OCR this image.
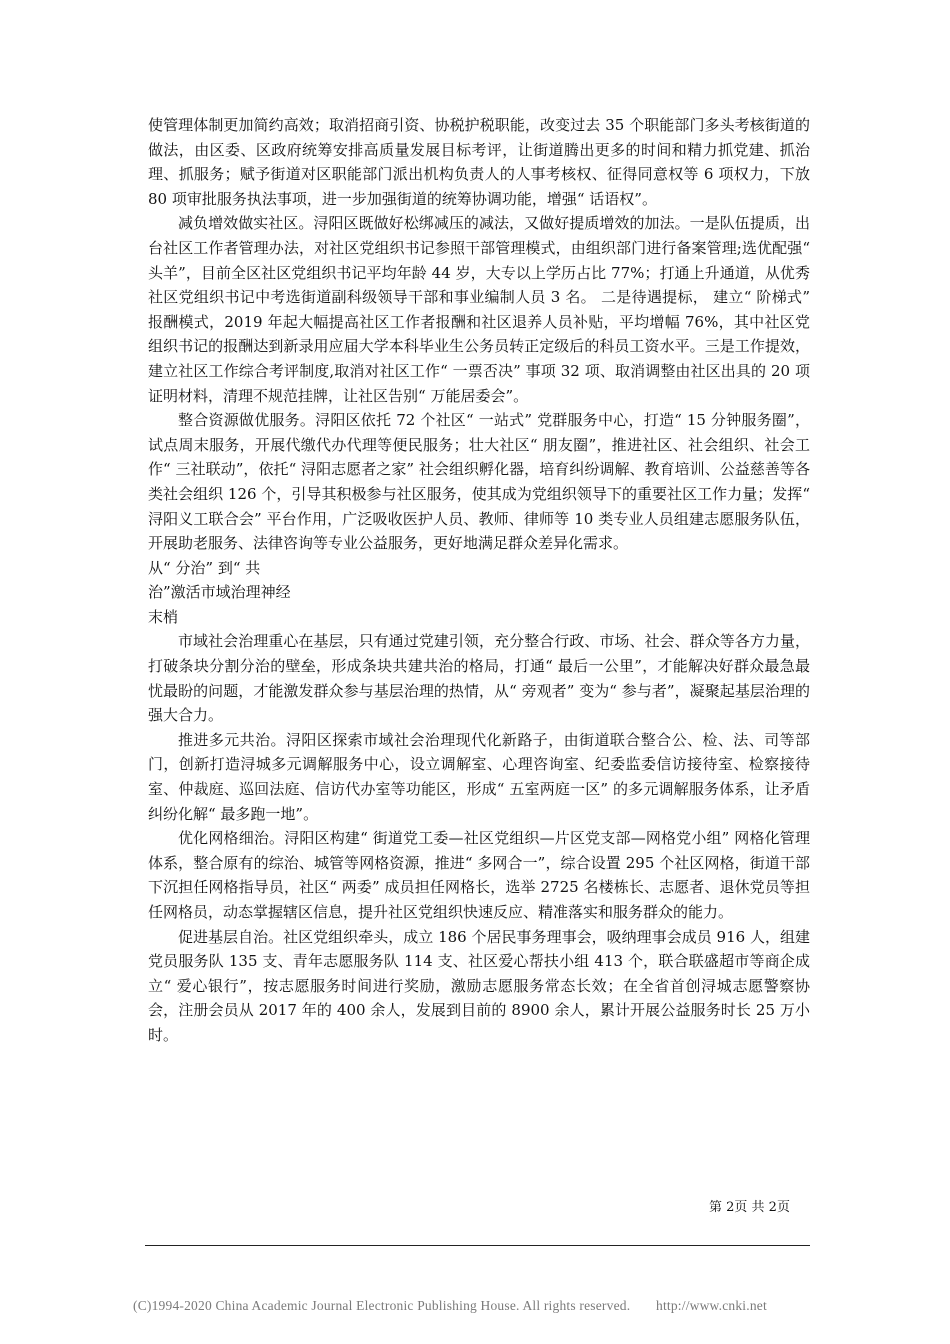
使管理体制更加简约高效；取消招商引资、协税护税职能，改变过去 35 个职能部门多头考核街道的做法，由区委、区政府统筹安排高质量发展目标考评，让街道腾出更多的时间和精力抓党建、抓治理、抓服务；赋予街道对区职能部门派出机构负责人的人事考核权、征得同意权等 6 项权力，下放 80 项审批服务执法事项，进一步加强街道的统筹协调功能，增强“ 话语权”。

减负增效做实社区。浔阳区既做好松绑减压的减法，又做好提质增效的加法。一是队伍提质，出台社区工作者管理办法，对社区党组织书记参照干部管理模式，由组织部门进行备案管理;选优配强“ 头羊”，目前全区社区党组织书记平均年龄 44 岁，大专以上学历占比 77%；打通上升通道，从优秀社区党组织书记中考选街道副科级领导干部和事业编制人员 3 名。 二是待遇提标， 建立“ 阶梯式” 报酬模式，2019 年起大幅提高社区工作者报酬和社区退养人员补贴，平均增幅 76%，其中社区党组织书记的报酬达到新录用应届大学本科毕业生公务员转正定级后的科员工资水平。三是工作提效，建立社区工作综合考评制度,取消对社区工作“ 一票否决” 事项 32 项、取消调整由社区出具的 20 项证明材料，清理不规范挂牌，让社区告别“ 万能居委会”。

整合资源做优服务。浔阳区依托 72 个社区“ 一站式” 党群服务中心，打造“ 15 分钟服务圈”，试点周末服务，开展代缴代办代理等便民服务；壮大社区“ 朋友圈”，推进社区、社会组织、社会工作“ 三社联动”，依托“ 浔阳志愿者之家” 社会组织孵化器，培育纠纷调解、教育培训、公益慈善等各类社会组织 126 个，引导其积极参与社区服务，使其成为党组织领导下的重要社区工作力量；发挥“ 浔阳义工联合会” 平台作用，广泛吸收医护人员、教师、律师等 10 类专业人员组建志愿服务队伍，开展助老服务、法律咨询等专业公益服务，更好地满足群众差异化需求。

从“ 分治” 到“ 共

治”激活市域治理神经

末梢

市域社会治理重心在基层，只有通过党建引领，充分整合行政、市场、社会、群众等各方力量，打破条块分割分治的壁垒，形成条块共建共治的格局，打通“ 最后一公里”，才能解决好群众最急最忧最盼的问题，才能激发群众参与基层治理的热情，从“ 旁观者” 变为“ 参与者”，凝聚起基层治理的强大合力。

推进多元共治。浔阳区探索市域社会治理现代化新路子，由街道联合整合公、检、法、司等部门，创新打造浔城多元调解服务中心，设立调解室、心理咨询室、纪委监委信访接待室、检察接待室、仲裁庭、巡回法庭、信访代办室等功能区，形成“ 五室两庭一区” 的多元调解服务体系，让矛盾纠纷化解“ 最多跑一地”。

优化网格细治。浔阳区构建“ 街道党工委—社区党组织—片区党支部—网格党小组” 网格化管理体系，整合原有的综治、城管等网格资源，推进“ 多网合一”，综合设置 295 个社区网格，街道干部下沉担任网格指导员，社区“ 两委” 成员担任网格长，选举 2725 名楼栋长、志愿者、退休党员等担任网格员，动态掌握辖区信息，提升社区党组织快速反应、精准落实和服务群众的能力。

促进基层自治。社区党组织牵头，成立 186 个居民事务理事会，吸纳理事会成员 916 人，组建党员服务队 135 支、青年志愿服务队 114 支、社区爱心帮扶小组 413 个，联合联盛超市等商企成立“ 爱心银行”，按志愿服务时间进行奖励，激励志愿服务常态长效；在全省首创浔城志愿警察协会，注册会员从 2017 年的 400 余人，发展到目前的 8900 余人，累计开展公益服务时长 25 万小时。

第 2页 共 2页
(C)1994-2020 China Academic Journal Electronic Publishing House. All rights reserved. http://www.cnki.net
